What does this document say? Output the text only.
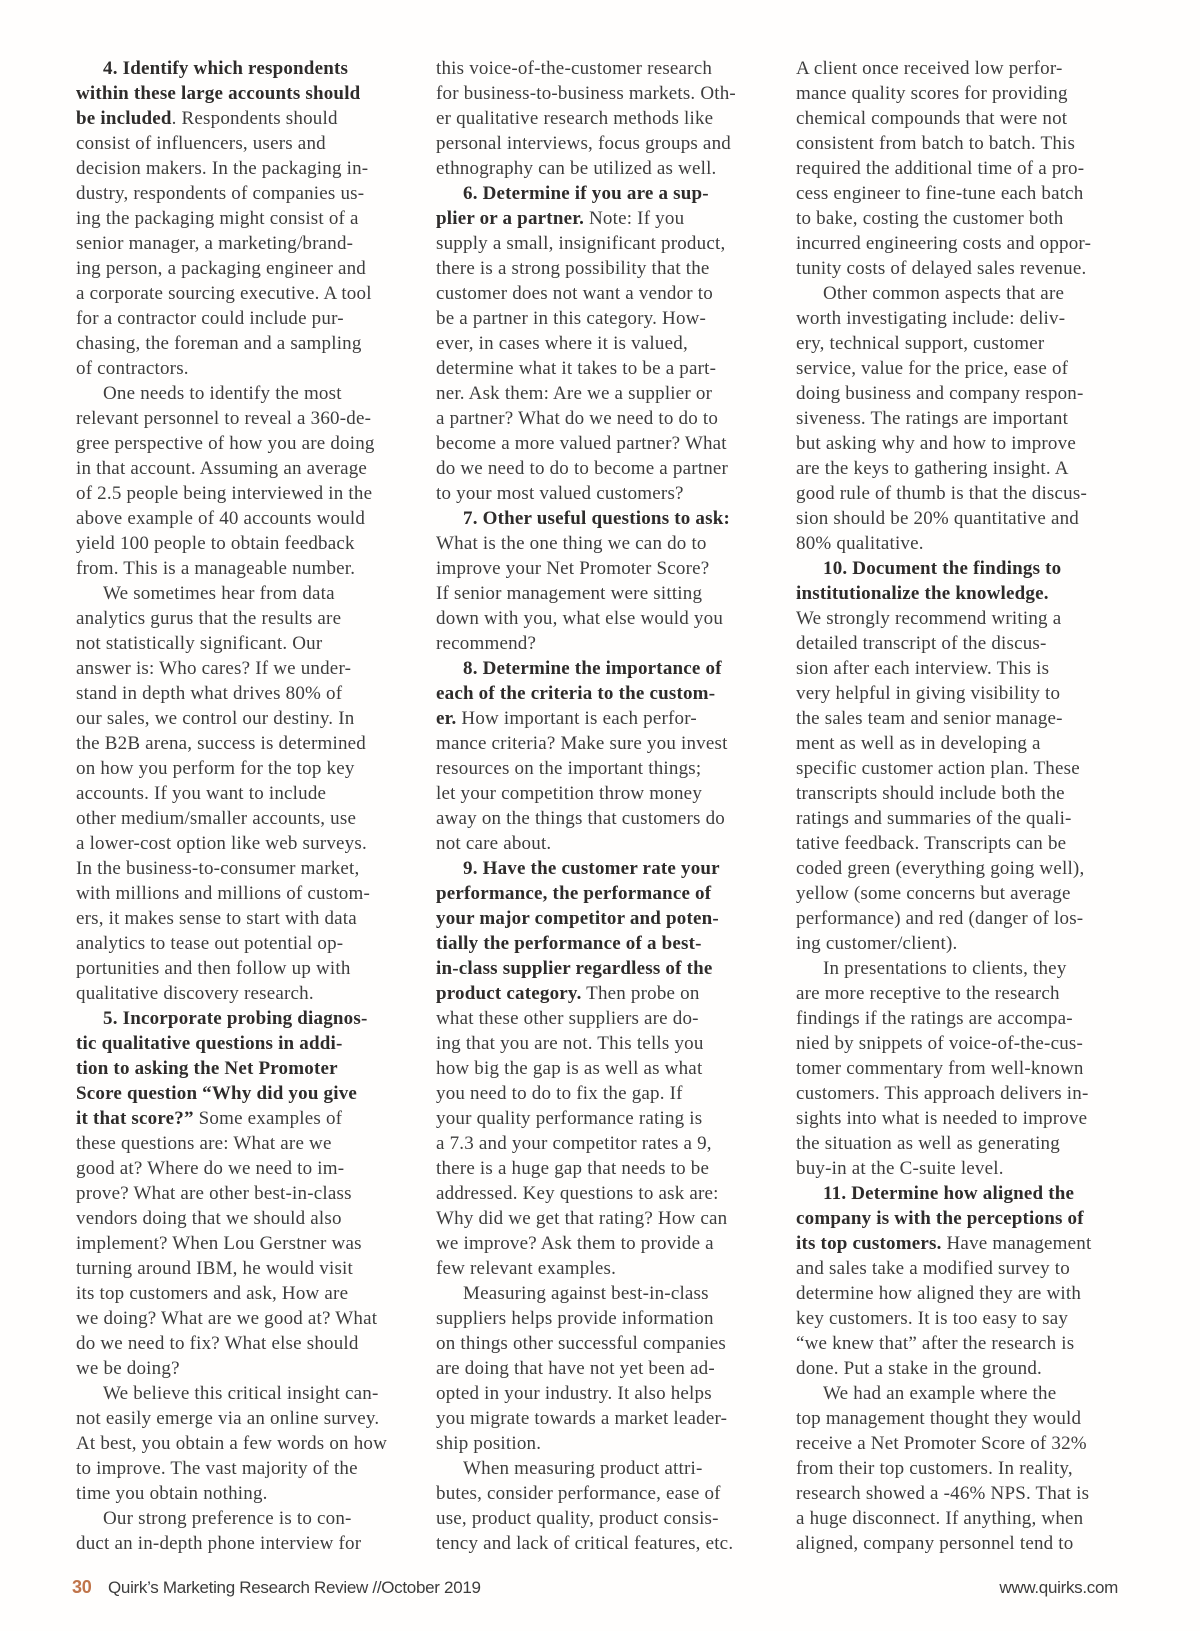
4. Identify which respondents
within these large accounts should
be included. Respondents should
consist of influencers, users and
decision makers. In the packaging in-
dustry, respondents of companies us-
ing the packaging might consist of a
senior manager, a marketing/brand-
ing person, a packaging engineer and
a corporate sourcing executive. A tool
for a contractor could include pur-
chasing, the foreman and a sampling
of contractors.
One needs to identify the most
relevant personnel to reveal a 360-de-
gree perspective of how you are doing
in that account. Assuming an average
of 2.5 people being interviewed in the
above example of 40 accounts would
yield 100 people to obtain feedback
from. This is a manageable number.
We sometimes hear from data
analytics gurus that the results are
not statistically significant. Our
answer is: Who cares? If we under-
stand in depth what drives 80% of
our sales, we control our destiny. In
the B2B arena, success is determined
on how you perform for the top key
accounts. If you want to include
other medium/smaller accounts, use
a lower-cost option like web surveys.
In the business-to-consumer market,
with millions and millions of custom-
ers, it makes sense to start with data
analytics to tease out potential op-
portunities and then follow up with
qualitative discovery research.
5. Incorporate probing diagnos-
tic qualitative questions in addi-
tion to asking the Net Promoter
Score question “Why did you give
it that score?” Some examples of
these questions are: What are we
good at? Where do we need to im-
prove? What are other best-in-class
vendors doing that we should also
implement? When Lou Gerstner was
turning around IBM, he would visit
its top customers and ask, How are
we doing? What are we good at? What
do we need to fix? What else should
we be doing?
We believe this critical insight can-
not easily emerge via an online survey.
At best, you obtain a few words on how
to improve. The vast majority of the
time you obtain nothing.
Our strong preference is to con-
duct an in-depth phone interview for
this voice-of-the-customer research
for business-to-business markets. Oth-
er qualitative research methods like
personal interviews, focus groups and
ethnography can be utilized as well.
6. Determine if you are a sup-
plier or a partner. Note: If you
supply a small, insignificant product,
there is a strong possibility that the
customer does not want a vendor to
be a partner in this category. How-
ever, in cases where it is valued,
determine what it takes to be a part-
ner. Ask them: Are we a supplier or
a partner? What do we need to do to
become a more valued partner? What
do we need to do to become a partner
to your most valued customers?
7. Other useful questions to ask:
What is the one thing we can do to
improve your Net Promoter Score?
If senior management were sitting
down with you, what else would you
recommend?
8. Determine the importance of
each of the criteria to the custom-
er. How important is each perfor-
mance criteria? Make sure you invest
resources on the important things;
let your competition throw money
away on the things that customers do
not care about.
9. Have the customer rate your
performance, the performance of
your major competitor and poten-
tially the performance of a best-
in-class supplier regardless of the
product category. Then probe on
what these other suppliers are do-
ing that you are not. This tells you
how big the gap is as well as what
you need to do to fix the gap. If
your quality performance rating is
a 7.3 and your competitor rates a 9,
there is a huge gap that needs to be
addressed. Key questions to ask are:
Why did we get that rating? How can
we improve? Ask them to provide a
few relevant examples.
Measuring against best-in-class
suppliers helps provide information
on things other successful companies
are doing that have not yet been ad-
opted in your industry. It also helps
you migrate towards a market leader-
ship position.
When measuring product attri-
butes, consider performance, ease of
use, product quality, product consis-
tency and lack of critical features, etc.
A client once received low perfor-
mance quality scores for providing
chemical compounds that were not
consistent from batch to batch. This
required the additional time of a pro-
cess engineer to fine-tune each batch
to bake, costing the customer both
incurred engineering costs and oppor-
tunity costs of delayed sales revenue.
Other common aspects that are
worth investigating include: deliv-
ery, technical support, customer
service, value for the price, ease of
doing business and company respon-
siveness. The ratings are important
but asking why and how to improve
are the keys to gathering insight. A
good rule of thumb is that the discus-
sion should be 20% quantitative and
80% qualitative.
10. Document the findings to
institutionalize the knowledge.
We strongly recommend writing a
detailed transcript of the discus-
sion after each interview. This is
very helpful in giving visibility to
the sales team and senior manage-
ment as well as in developing a
specific customer action plan. These
transcripts should include both the
ratings and summaries of the quali-
tative feedback. Transcripts can be
coded green (everything going well),
yellow (some concerns but average
performance) and red (danger of los-
ing customer/client).
In presentations to clients, they
are more receptive to the research
findings if the ratings are accompa-
nied by snippets of voice-of-the-cus-
tomer commentary from well-known
customers. This approach delivers in-
sights into what is needed to improve
the situation as well as generating
buy-in at the C-suite level.
11. Determine how aligned the
company is with the perceptions of
its top customers. Have management
and sales take a modified survey to
determine how aligned they are with
key customers. It is too easy to say
“we knew that” after the research is
done. Put a stake in the ground.
We had an example where the
top management thought they would
receive a Net Promoter Score of 32%
from their top customers. In reality,
research showed a -46% NPS. That is
a huge disconnect. If anything, when
aligned, company personnel tend to
30 Quirk’s Marketing Research Review //October 2019	www.quirks.com
